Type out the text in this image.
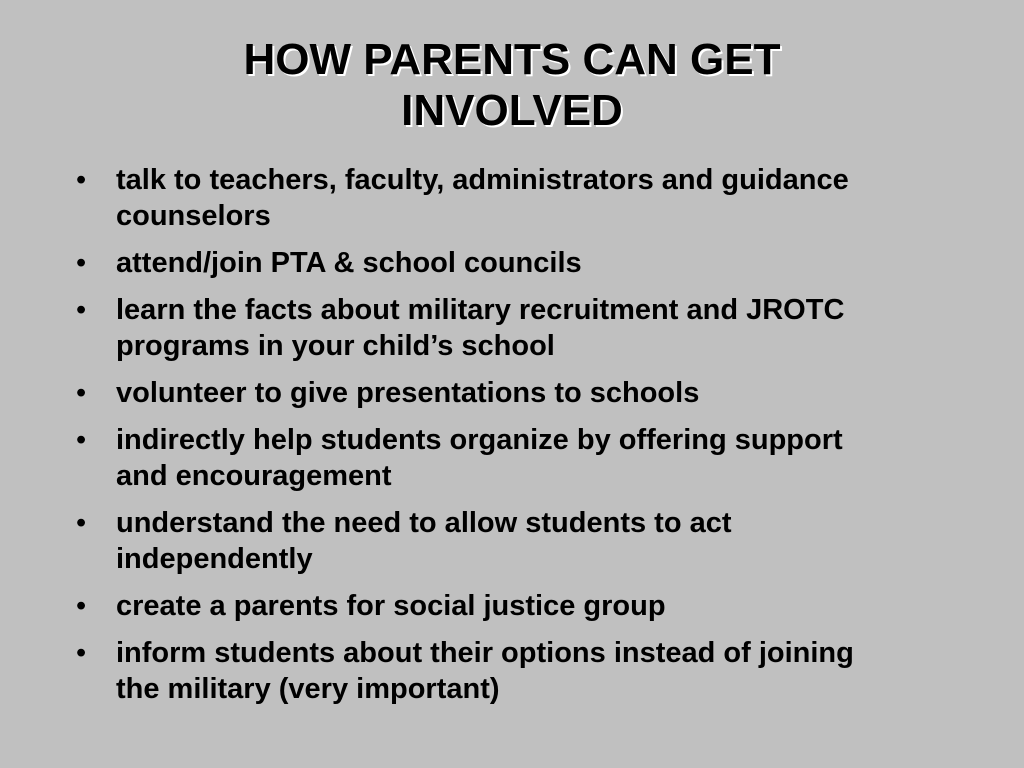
HOW PARENTS CAN GET
INVOLVED
• talk to teachers, faculty, administrators and guidance counselors
• attend/join PTA & school councils
• learn the facts about military recruitment and JROTC programs in your child’s school
• volunteer to give presentations to schools
• indirectly help students organize by offering support and encouragement
• understand the need to allow students to act independently
• create a parents for social justice group
• inform students about their options instead of joining the military (very important)
